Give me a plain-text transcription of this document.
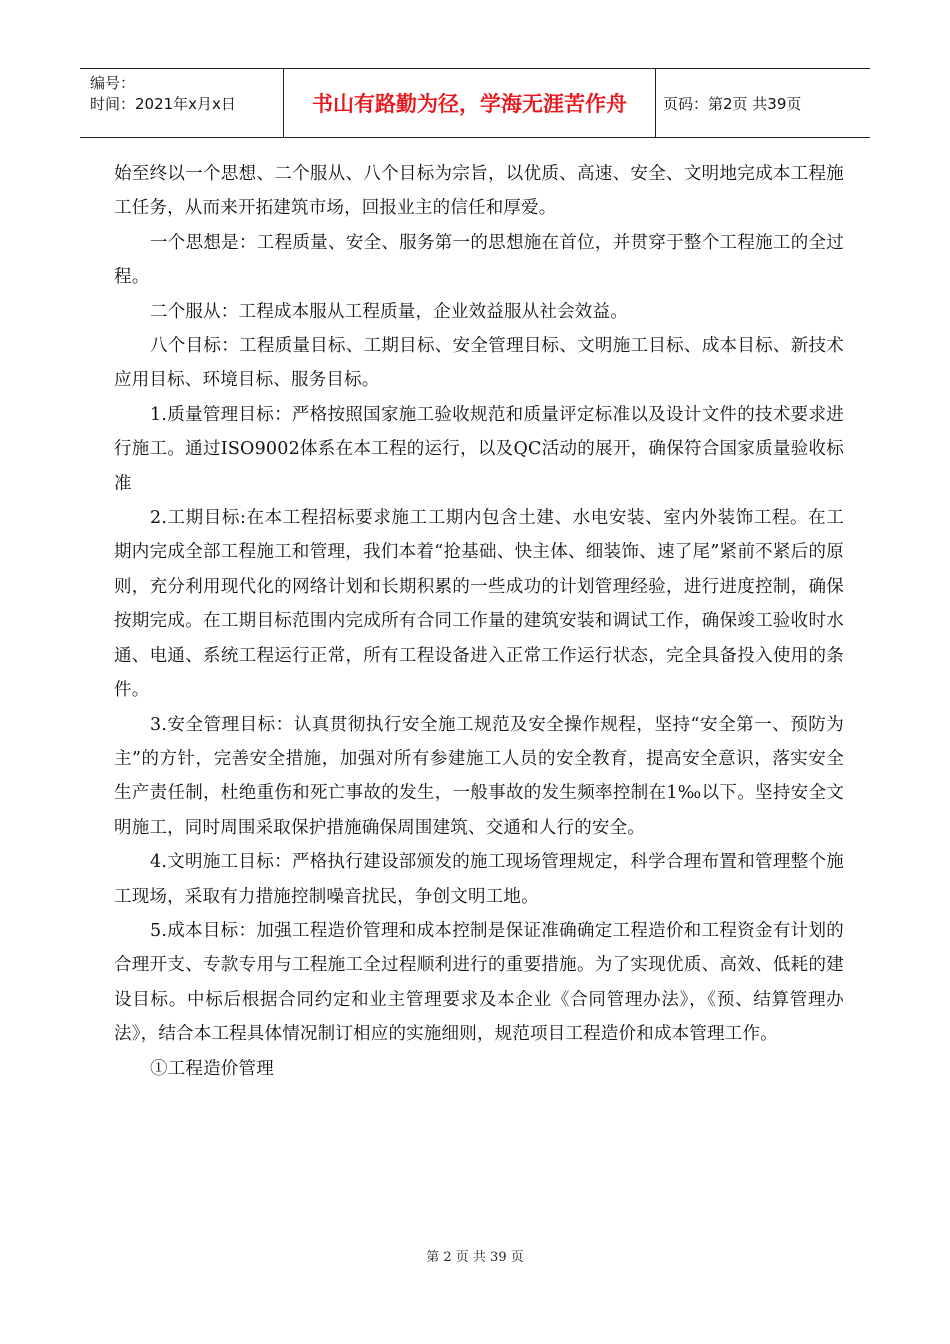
编号：
时间：2021年x月x日	书山有路勤为径，学海无涯苦作舟 页码：第2页 共39页

始至终以一个思想、二个服从、八个目标为宗旨，以优质、高速、安全、文明地完成本工程施工任务，从而来开拓建筑市场，回报业主的信任和厚爱。

一个思想是：工程质量、安全、服务第一的思想施在首位，并贯穿于整个工程施工的全过程。

二个服从：工程成本服从工程质量，企业效益服从社会效益。

八个目标：工程质量目标、工期目标、安全管理目标、文明施工目标、成本目标、新技术应用目标、环境目标、服务目标。

1.质量管理目标：严格按照国家施工验收规范和质量评定标准以及设计文件的技术要求进行施工。通过ISO9002体系在本工程的运行，以及QC活动的展开，确保符合国家质量验收标准

2.工期目标:在本工程招标要求施工工期内包含土建、水电安装、室内外装饰工程。在工期内完成全部工程施工和管理，我们本着“抢基础、快主体、细装饰、速了尾”紧前不紧后的原则，充分利用现代化的网络计划和长期积累的一些成功的计划管理经验，进行进度控制，确保按期完成。在工期目标范围内完成所有合同工作量的建筑安装和调试工作，确保竣工验收时水通、电通、系统工程运行正常，所有工程设备进入正常工作运行状态，完全具备投入使用的条件。

3.安全管理目标：认真贯彻执行安全施工规范及安全操作规程，坚持“安全第一、预防为主”的方针，完善安全措施，加强对所有参建施工人员的安全教育，提高安全意识，落实安全生产责任制，杜绝重伤和死亡事故的发生，一般事故的发生频率控制在1‰以下。坚持安全文明施工，同时周围采取保护措施确保周围建筑、交通和人行的安全。

4.文明施工目标：严格执行建设部颁发的施工现场管理规定，科学合理布置和管理整个施工现场，采取有力措施控制噪音扰民，争创文明工地。

5.成本目标：加强工程造价管理和成本控制是保证准确确定工程造价和工程资金有计划的合理开支、专款专用与工程施工全过程顺利进行的重要措施。为了实现优质、高效、低耗的建设目标。中标后根据合同约定和业主管理要求及本企业《合同管理办法》，《预、结算管理办法》，结合本工程具体情况制订相应的实施细则，规范项目工程造价和成本管理工作。

①工程造价管理

第 2 页 共 39 页
